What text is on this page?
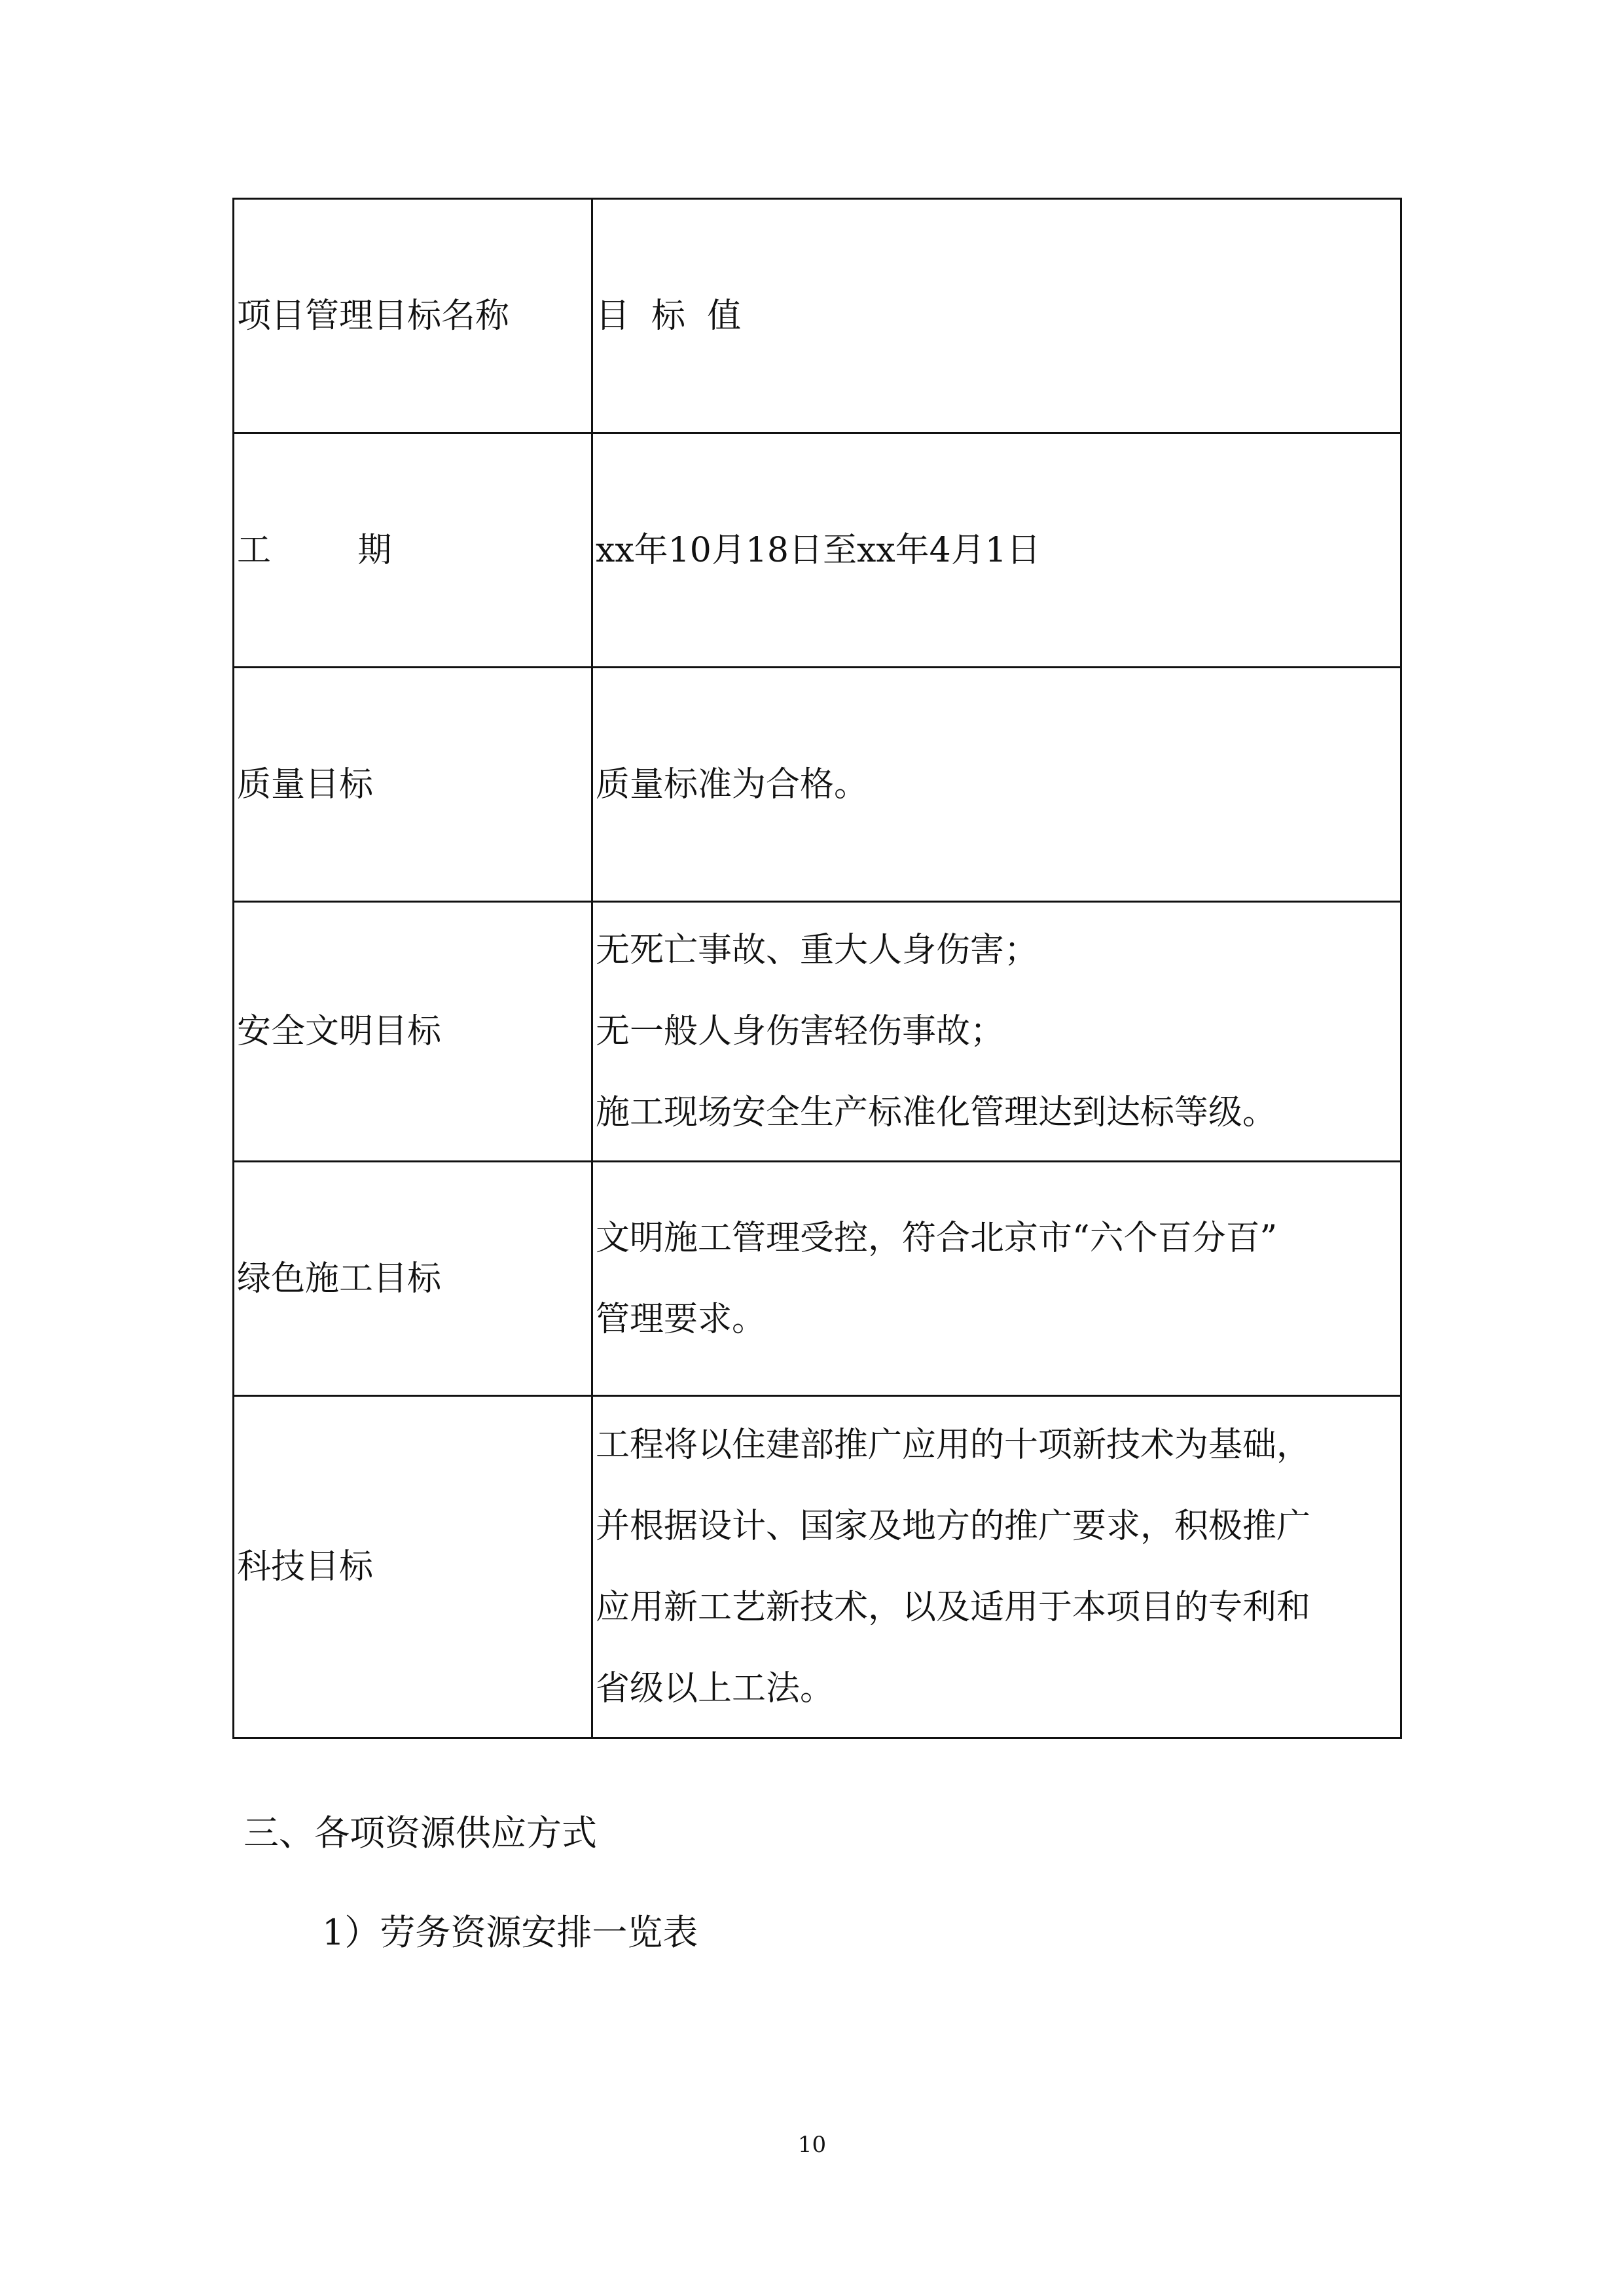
项目管理目标名称	目  标  值

工        期	xx年10月18日至xx年4月1日

质量目标	质量标准为合格。

安全文明目标	无死亡事故、重大人身伤害；
无一般人身伤害轻伤事故；
施工现场安全生产标准化管理达到达标等级。

绿色施工目标	文明施工管理受控，符合北京市“六个百分百”
管理要求。

科技目标	工程将以住建部推广应用的十项新技术为基础，
并根据设计、国家及地方的推广要求，积极推广
应用新工艺新技术，以及适用于本项目的专利和
省级以上工法。
三、各项资源供应方式
1）劳务资源安排一览表
10
